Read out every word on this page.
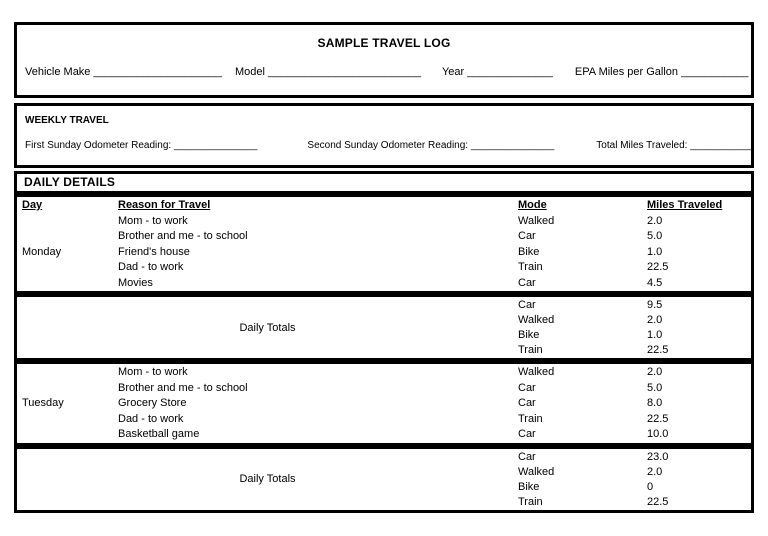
SAMPLE TRAVEL LOG
Vehicle Make _____________________ Model _________________________ Year ______________ EPA Miles per Gallon ___________
WEEKLY TRAVEL
First Sunday Odometer Reading: _______________	Second Sunday Odometer Reading: _______________	Total Miles Traveled: ___________
DAILY DETAILS
Day

Monday

Reason for Travel
Mom - to work
Brother and me - to school
Friend's house
Dad - to work
Movies
Mode
Walked
Car
Bike
Train
Car
Miles Traveled
2.0
5.0
1.0
22.5
4.5
Daily Totals
Car
Walked
Bike
Train
9.5
2.0
1.0
22.5

Tuesday

Mom - to work
Brother and me - to school
Grocery Store
Dad - to work
Basketball game
Walked
Car
Car
Train
Car
2.0
5.0
8.0
22.5
10.0
Daily Totals
Car
Walked
Bike
Train
23.0
2.0
0
22.5
